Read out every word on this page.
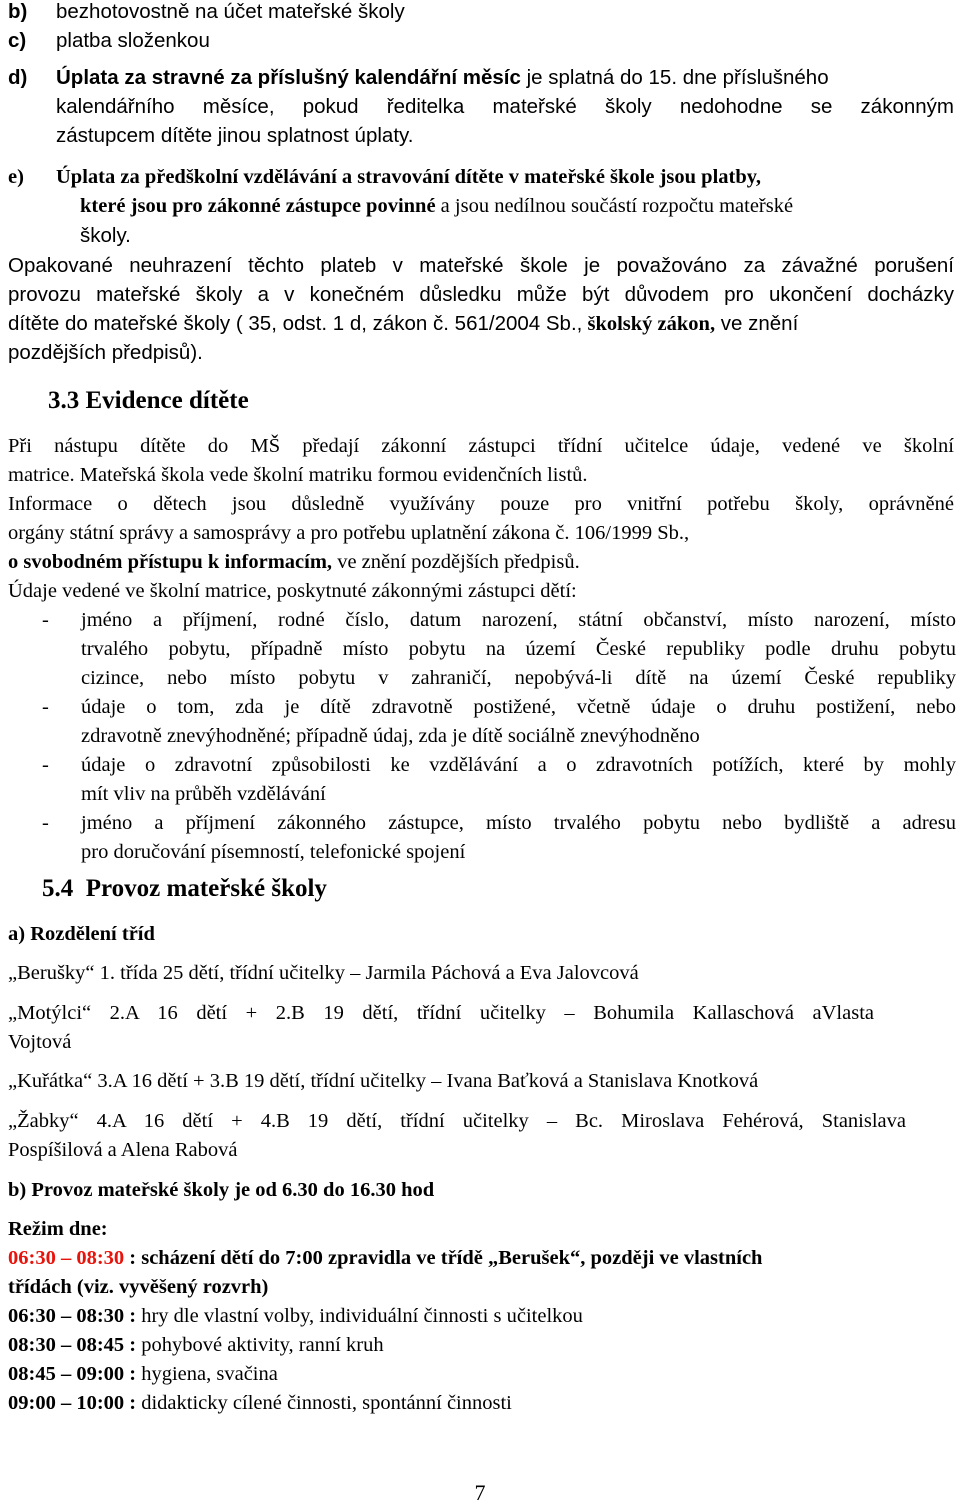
b) bezhotovostně na účet mateřské školy
c) platba složenkou
d) Úplata za stravné za příslušný kalendářní měsíc je splatná do 15. dne příslušného

kalendářního měsíce, pokud ředitelka mateřské školy nedohodne se zákonným

zástupcem dítěte jinou splatnost úplaty.
e) Úplata za předškolní vzdělávání a stravování dítěte v mateřské škole jsou platby,
které jsou pro zákonné zástupce povinné a jsou nedílnou součástí rozpočtu mateřské
školy.

Opakované neuhrazení těchto plateb v mateřské škole je považováno za závažné porušení

provozu mateřské školy a v konečném důsledku může být důvodem pro ukončení docházky

dítěte do mateřské školy ( 35, odst. 1 d, zákon č. 561/2004 Sb., školský zákon, ve znění
pozdějších předpisů).
3.3 Evidence dítěte

Při nástupu dítěte do MŠ předají zákonní zástupci třídní učitelce údaje, vedené ve školní

matrice. Mateřská škola vede školní matriku formou evidenčních listů.

Informace o dětech jsou důsledně využívány pouze pro vnitřní potřebu školy, oprávněné

orgány státní správy a samosprávy a pro potřebu uplatnění zákona č. 106/1999 Sb.,
o svobodném přístupu k informacím, ve znění pozdějších předpisů.
Údaje vedené ve školní matrice, poskytnuté zákonnými zástupci dětí:
- jméno a příjmení, rodné číslo, datum narození, státní občanství, místo narození, místo

trvalého pobytu, případně místo pobytu na území České republiky podle druhu pobytu

cizince, nebo místo pobytu v zahraničí, nepobývá-li dítě na území České republiky

- údaje o tom, zda je dítě zdravotně postižené, včetně údaje o druhu postižení, nebo

zdravotně znevýhodněné; případně údaj, zda je dítě sociálně znevýhodněno
- údaje o zdravotní způsobilosti ke vzdělávání a o zdravotních potížích, které by mohly

mít vliv na průběh vzdělávání
- jméno a příjmení zákonného zástupce, místo trvalého pobytu nebo bydliště a adresu

pro doručování písemností, telefonické spojení
5.4 Provoz mateřské školy
a) Rozdělení tříd
„Berušky“ 1. třída 25 dětí, třídní učitelky – Jarmila Páchová a Eva Jalovcová

„Motýlci“ 2.A 16 dětí + 2.B 19 dětí, třídní učitelky – Bohumila Kallaschová aVlasta

Vojtová
„Kuřátka“ 3.A 16 dětí + 3.B 19 dětí, třídní učitelky – Ivana Baťková a Stanislava Knotková

„Žabky“ 4.A 16 dětí + 4.B 19 dětí, třídní učitelky – Bc. Miroslava Fehérová, Stanislava

Pospíšilová a Alena Rabová
b) Provoz mateřské školy je od 6.30 do 16.30 hod
Režim dne:
06:30 – 08:30 : scházení dětí do 7:00 zpravidla ve třídě „Berušek“, později ve vlastních
třídách (viz. vyvěšený rozvrh)
06:30 – 08:30 : hry dle vlastní volby, individuální činnosti s učitelkou
08:30 – 08:45 : pohybové aktivity, ranní kruh
08:45 – 09:00 : hygiena, svačina
09:00 – 10:00 : didakticky cílené činnosti, spontánní činnosti
7
